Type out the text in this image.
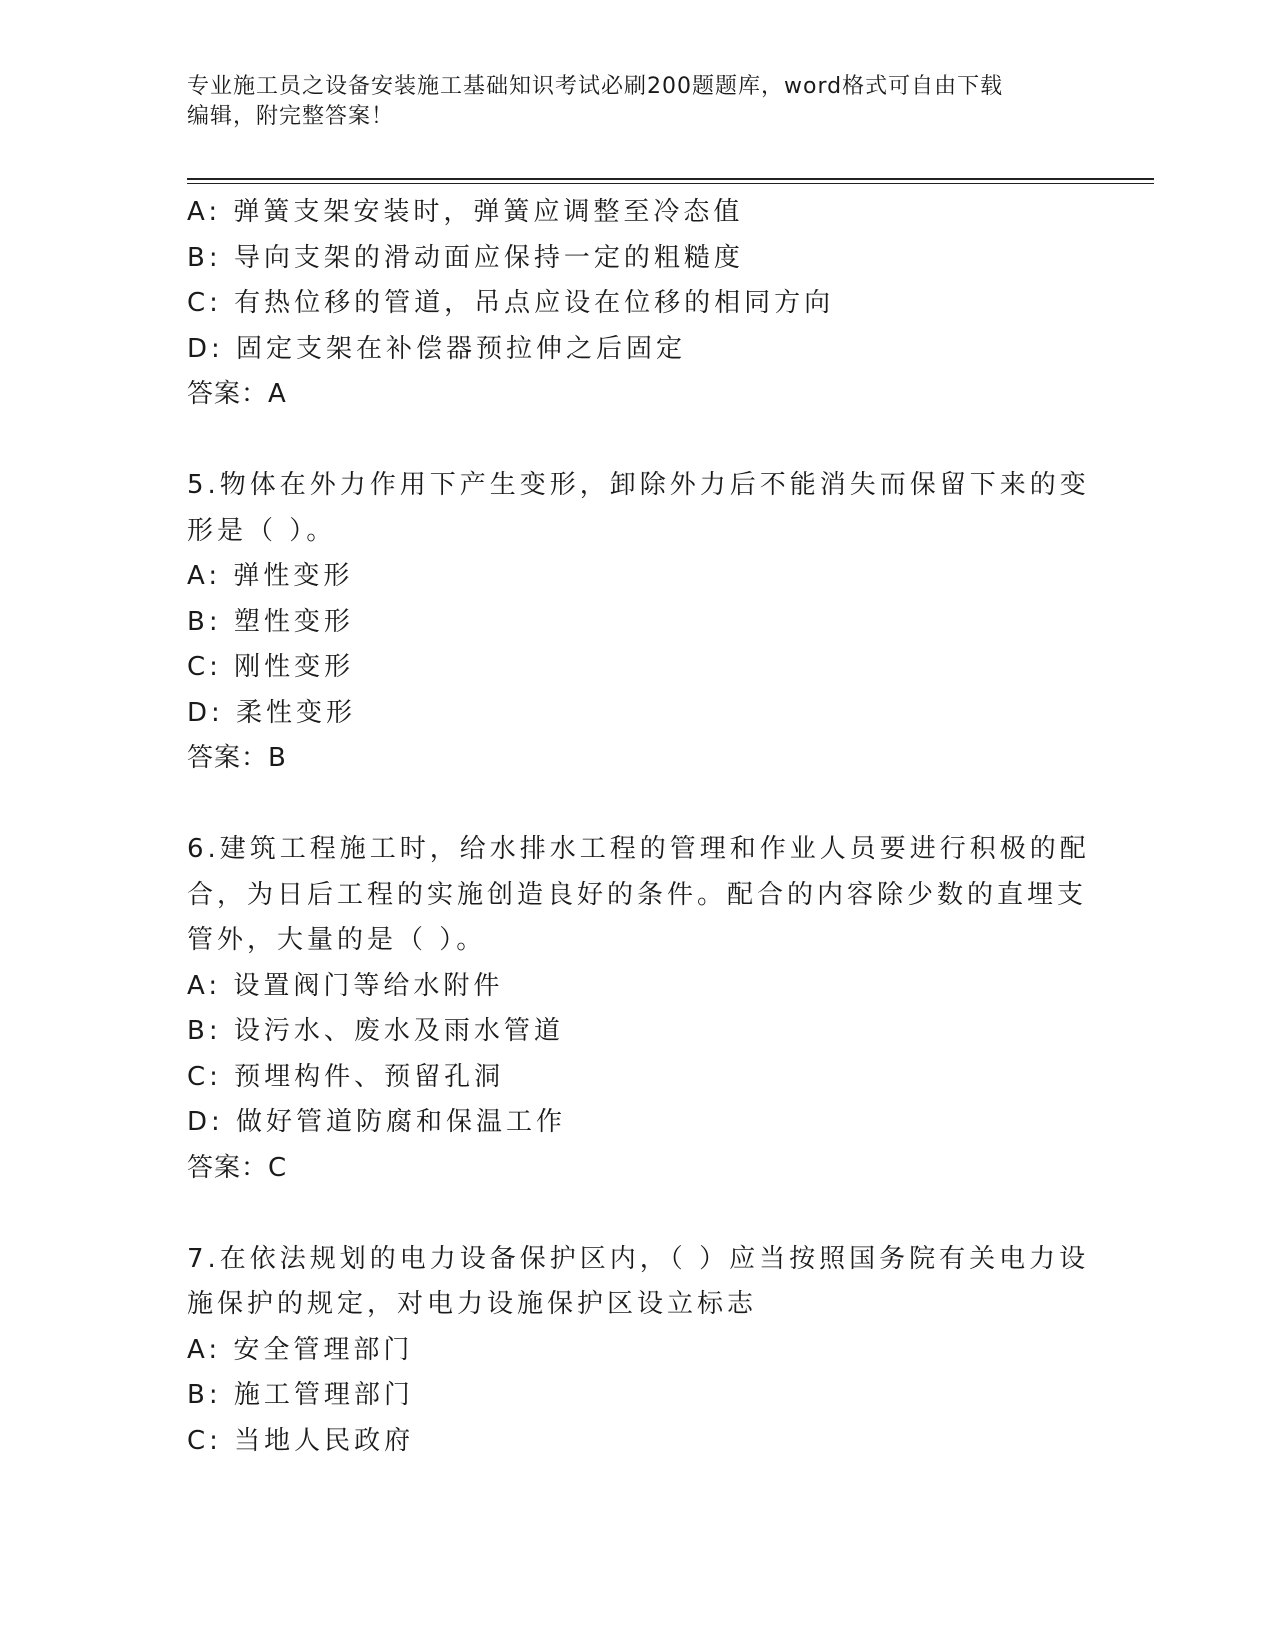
专业施工员之设备安装施工基础知识考试必刷200题题库，word格式可自由下载
编辑，附完整答案！
A: 弹簧支架安装时，弹簧应调整至冷态值
B: 导向支架的滑动面应保持一定的粗糙度
C: 有热位移的管道，吊点应设在位移的相同方向
D: 固定支架在补偿器预拉伸之后固定
答案：A
5.物体在外力作用下产生变形，卸除外力后不能消失而保留下来的变
形是（ ）。
A: 弹性变形
B: 塑性变形
C: 刚性变形
D: 柔性变形
答案：B
6.建筑工程施工时，给水排水工程的管理和作业人员要进行积极的配
合，为日后工程的实施创造良好的条件。配合的内容除少数的直埋支
管外，大量的是（ ）。
A: 设置阀门等给水附件
B: 设污水、废水及雨水管道
C: 预埋构件、预留孔洞
D: 做好管道防腐和保温工作
答案：C
7.在依法规划的电力设备保护区内，（ ）应当按照国务院有关电力设
施保护的规定，对电力设施保护区设立标志
A: 安全管理部门
B: 施工管理部门
C: 当地人民政府
